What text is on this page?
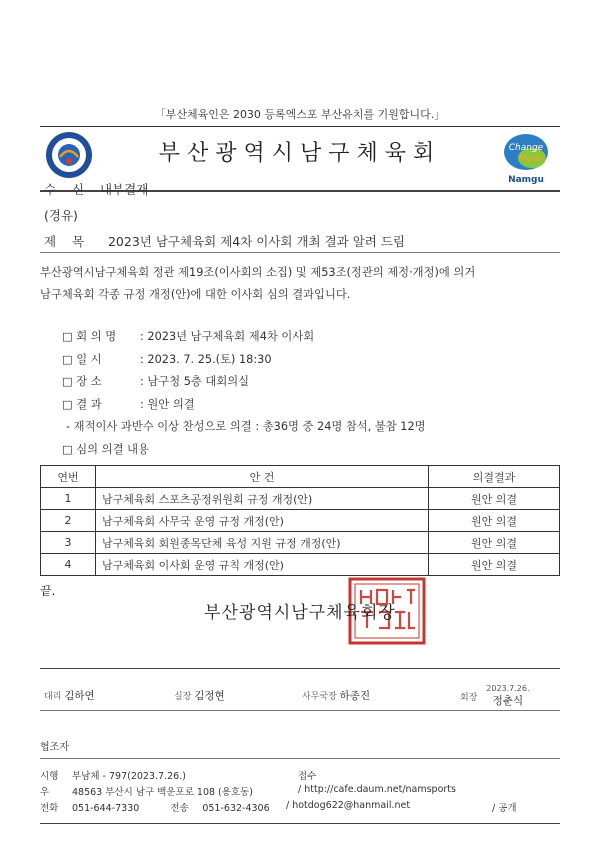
「부산체육인은 2030 등록엑스포 부산유치를 기원합니다.」
부산광역시남구체육회	Change
More
Namgu
수 신 내부결재
(경유)
제 목 2023년 남구체육회 제4차 이사회 개최 결과 알려 드림
부산광역시남구체육회 정관 제19조(이사회의 소집) 및 제53조(정관의 제정·개정)에 의거
남구체육회 각종 규정 개정(안)에 대한 이사회 심의 결과입니다.
□ 회 의 명 : 2023년 남구체육회 제4차 이사회
□ 일 시	: 2023. 7. 25.(토) 18:30
□ 장 소	: 남구청 5층 대회의실
□ 결 과	: 원안 의결
- 재적이사 과반수 이상 찬성으로 의결 : 총36명 중 24명 참석, 불참 12명
□ 심의 의결 내용
연번	안 건	의결결과
1	남구체육회 스포츠공정위원회 규정 개정(안)	원안 의결
2	남구체육회 사무국 운영 규정 개정(안)	원안 의결
3	남구체육회 회원종목단체 육성 지원 규정 개정(안)	원안 의결
4	남구체육회 이사회 운영 규칙 개정(안)	원안 의결
끝.
부산광역시남구체육회장
대리 김하연	실장 김정현	사무국장 하종진	회장
2023.7.26.
정춘식
협조자
시행 부남체 - 797(2023.7.26.)	접수
우 48563 부산시 남구 백운포로 108 (용호동)	/ http://cafe.daum.net/namsports
전화 051-644-7330	전송 051-632-4306 / hotdog622@hanmail.net	/ 공개
